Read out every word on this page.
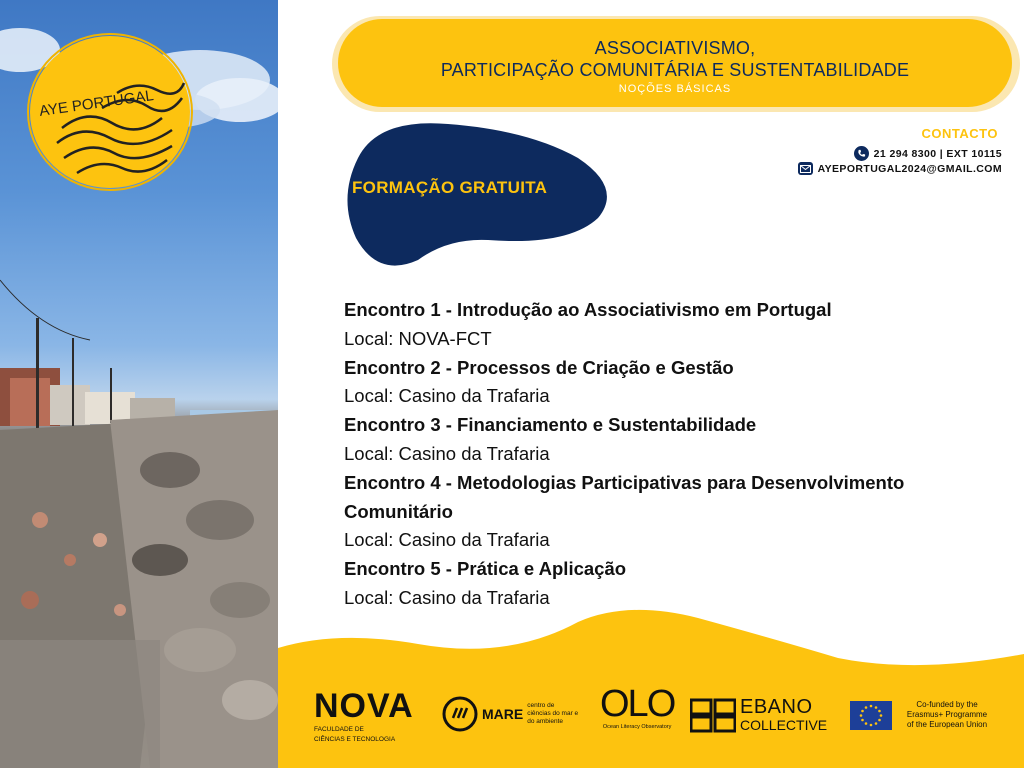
AYE PORTUGAL
ASSOCIATIVISMO,
PARTICIPAÇÃO COMUNITÁRIA E SUSTENTABILIDADE
NOÇÕES BÁSICAS
FORMAÇÃO GRATUITA
CONTACTO
21 294 8300 | EXT 10115
AYEPORTUGAL2024@GMAIL.COM
Encontro 1 - Introdução ao Associativismo em Portugal
Local: NOVA-FCT
Encontro 2 - Processos de Criação e Gestão
Local: Casino da Trafaria
Encontro 3 - Financiamento e Sustentabilidade
Local: Casino da Trafaria
Encontro 4 - Metodologias Participativas para Desenvolvimento Comunitário
Local: Casino da Trafaria
Encontro 5 - Prática e Aplicação
Local: Casino da Trafaria
NOVA
FACULDADE DE
CIÊNCIAS E TECNOLOGIA
MARE
centro de ciências do mar e do ambiente OLO
Ocean Literacy Observatory
EBANO
COLLECTIVE
Co-funded by the
Erasmus+ Programme
of the European Union
